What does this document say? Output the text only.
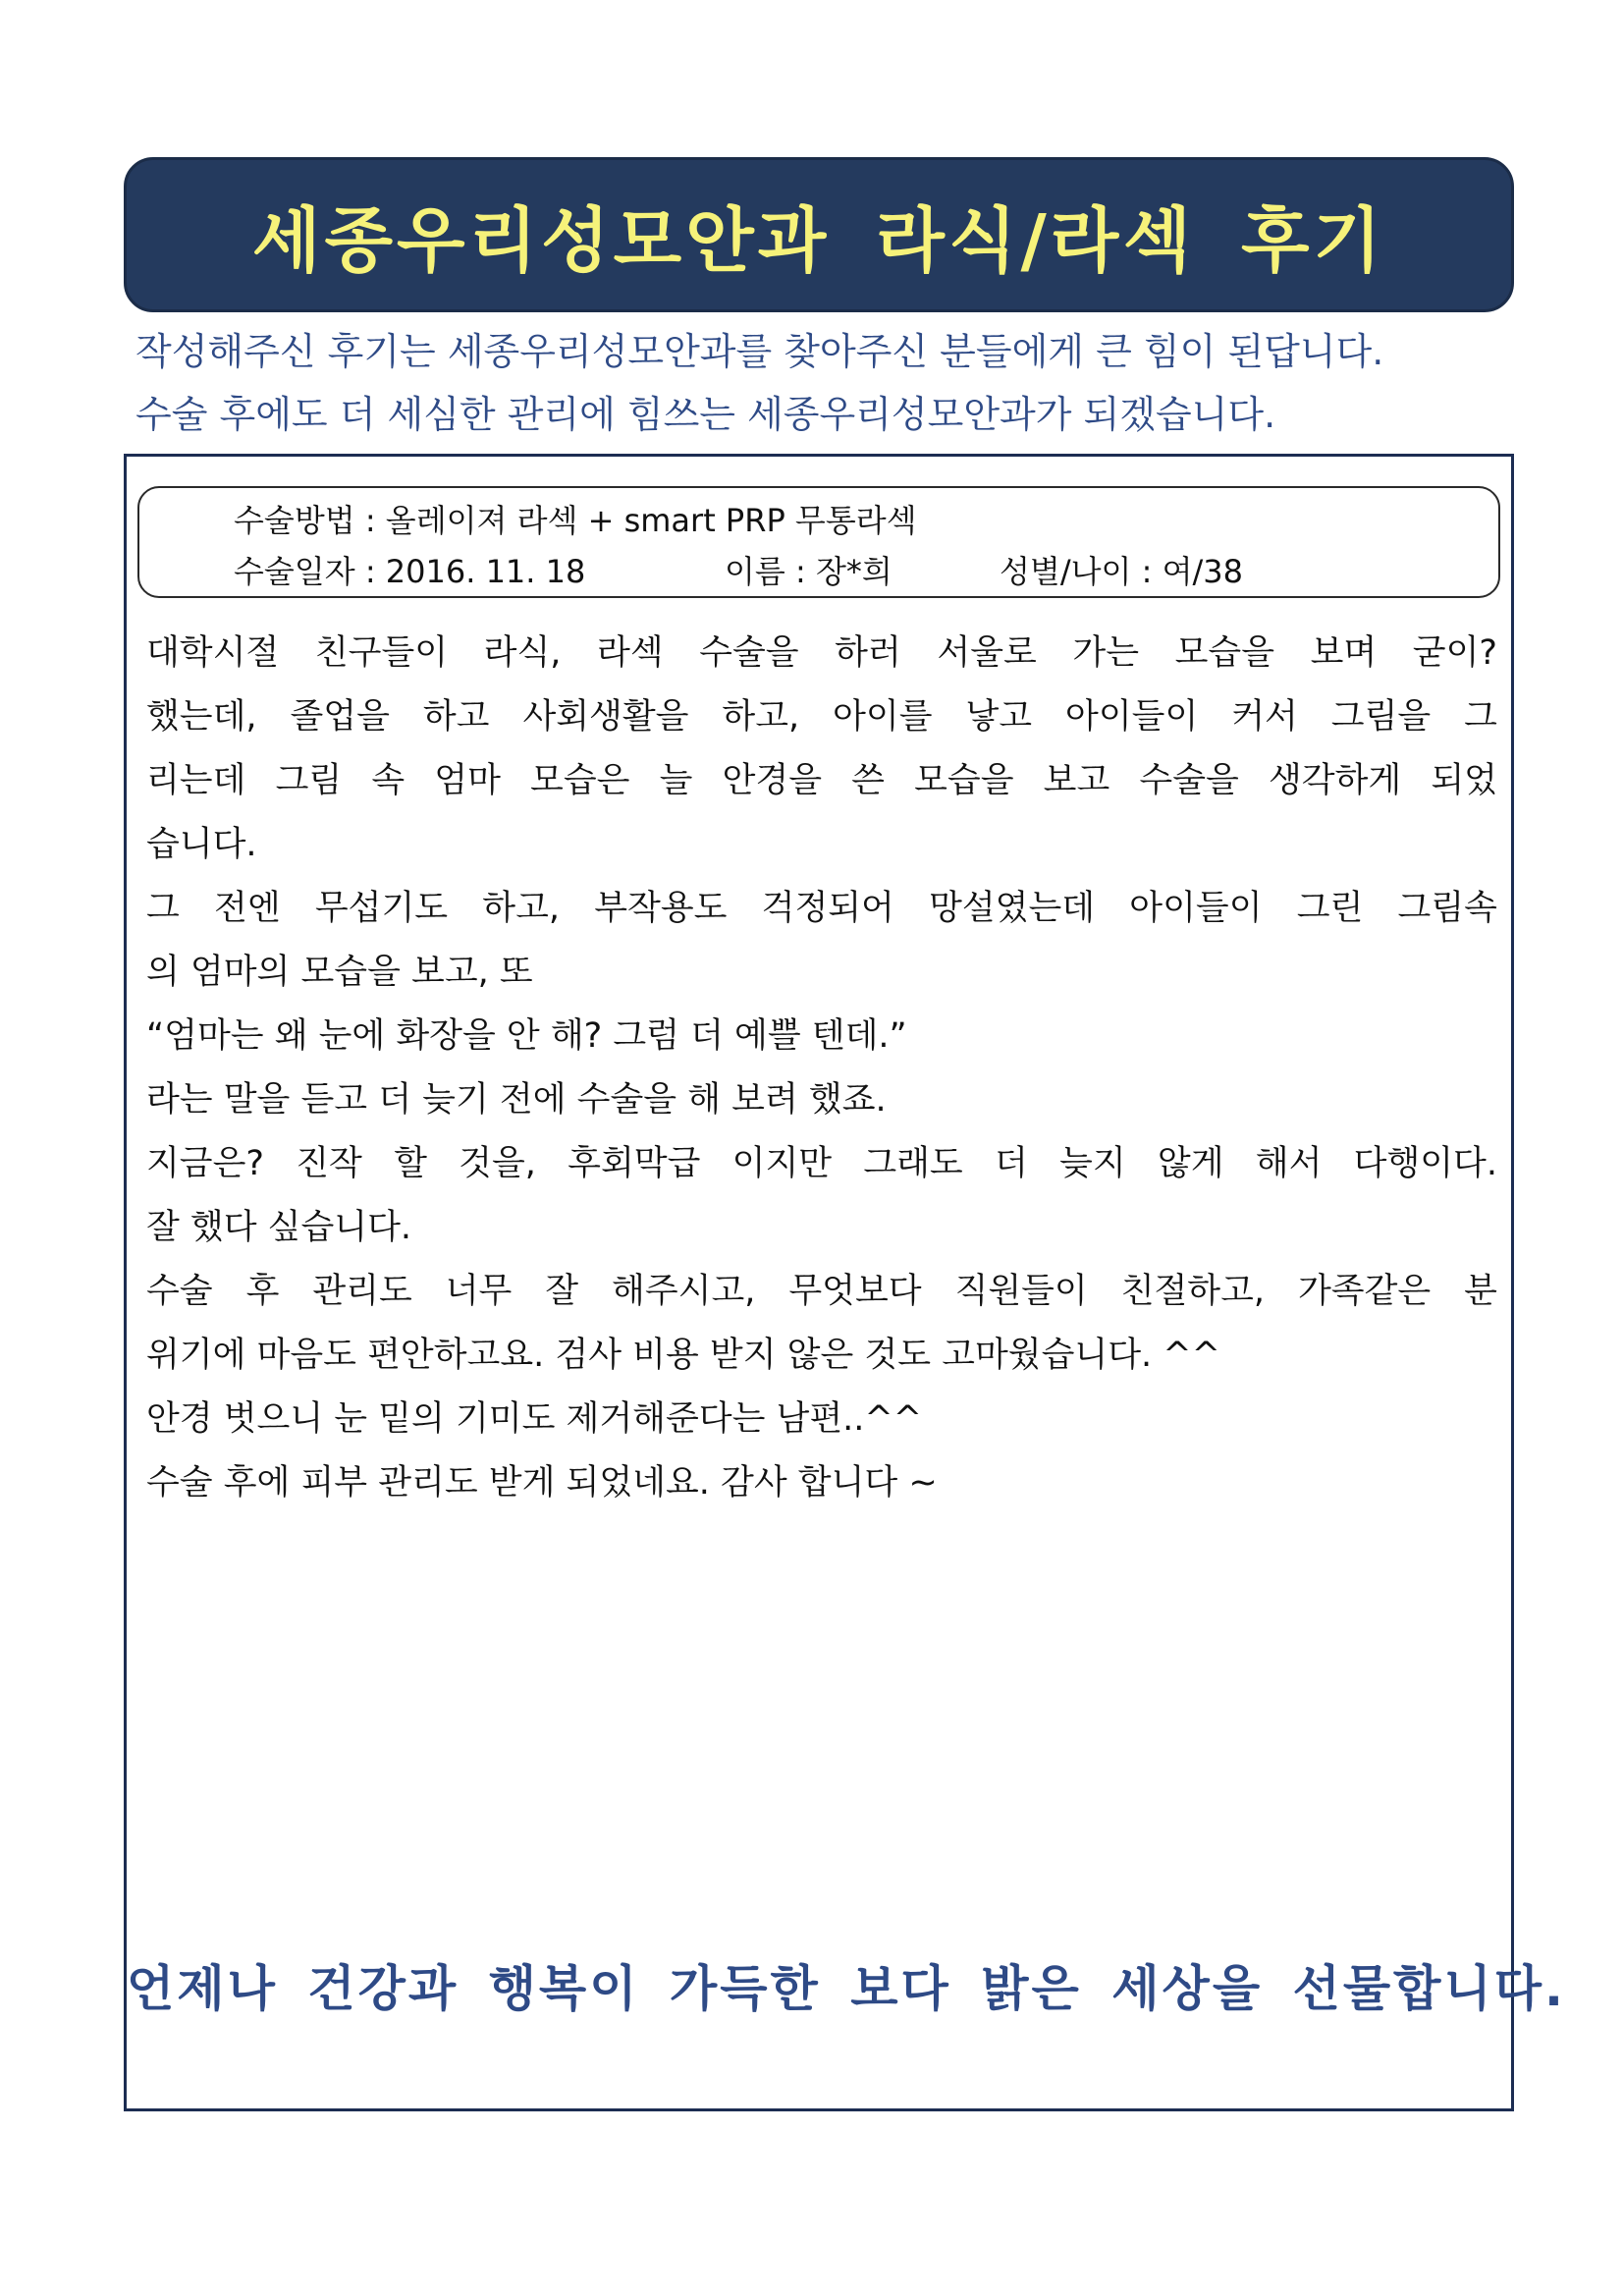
세종우리성모안과 라식/라섹 후기
작성해주신 후기는 세종우리성모안과를 찾아주신 분들에게 큰 힘이 된답니다.
수술 후에도 더 세심한 관리에 힘쓰는 세종우리성모안과가 되겠습니다.
수술방법 : 올레이져 라섹 + smart PRP 무통라섹
수술일자 : 2016. 11. 18	이름 : 장*희	성별/나이 : 여/38
대학시절 친구들이 라식, 라섹 수술을 하러 서울로 가는 모습을 보며 굳이?
했는데, 졸업을 하고 사회생활을 하고, 아이를 낳고 아이들이 커서 그림을 그
리는데 그림 속 엄마 모습은 늘 안경을 쓴 모습을 보고 수술을 생각하게 되었
습니다.
그 전엔 무섭기도 하고, 부작용도 걱정되어 망설였는데 아이들이 그린 그림속
의 엄마의 모습을 보고, 또
“엄마는 왜 눈에 화장을 안 해? 그럼 더 예쁠 텐데.”
라는 말을 듣고 더 늦기 전에 수술을 해 보려 했죠.
지금은? 진작 할 것을, 후회막급 이지만 그래도 더 늦지 않게 해서 다행이다.
잘 했다 싶습니다.
수술 후 관리도 너무 잘 해주시고, 무엇보다 직원들이 친절하고, 가족같은 분
위기에 마음도 편안하고요. 검사 비용 받지 않은 것도 고마웠습니다. ^^
안경 벗으니 눈 밑의 기미도 제거해준다는 남편..^^
수술 후에 피부 관리도 받게 되었네요. 감사 합니다 ~
언제나 건강과 행복이 가득한 보다 밝은 세상을 선물합니다.
